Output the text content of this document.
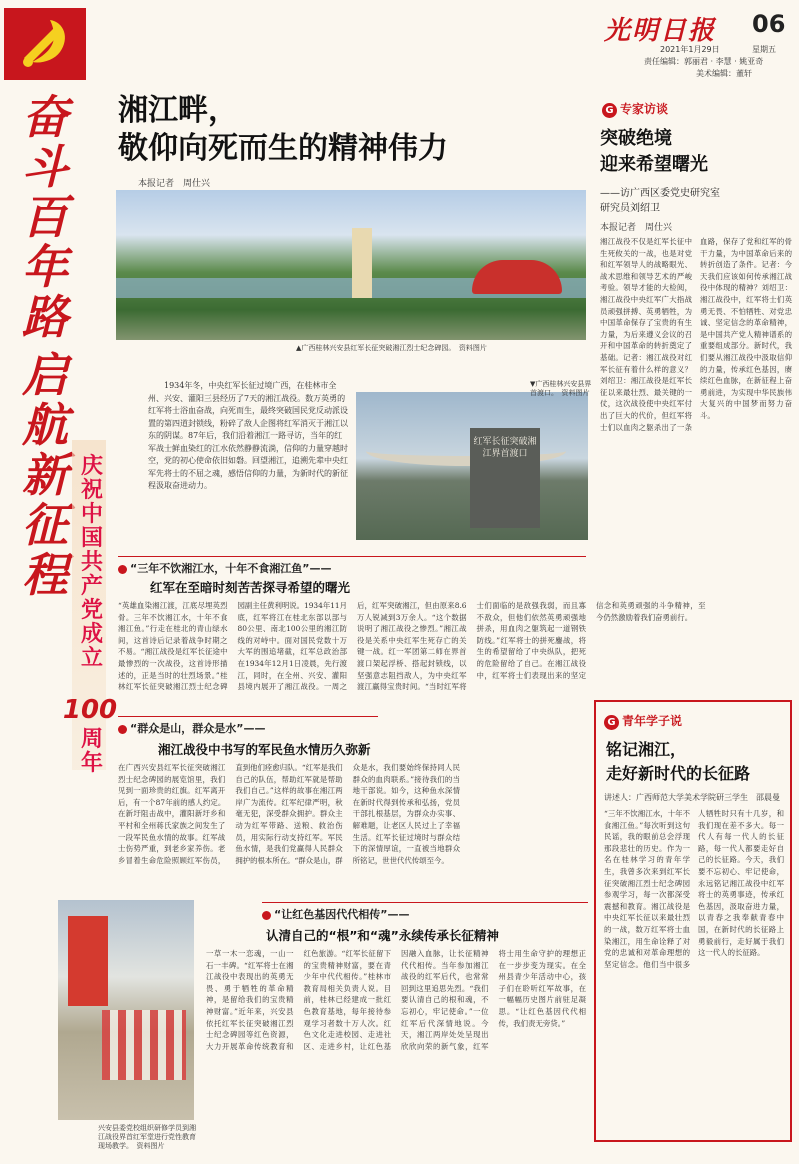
奋斗百年路
启航新征程
庆祝中国共产党成立
100
周年
光明日报 06
2021年1月29日	星期五
责任编辑：郭丽君 · 李慧 · 姚亚奇
美术编辑：董轩
湘江畔，
敬仰向死而生的精神伟力
本报记者　周仕兴
▲广西桂林兴安县红军长征突破湘江烈士纪念碑园。　资料图片
1934年冬，中央红军长征过境广西，在桂林市全州、兴安、灌阳三县经历了7天的湘江战役。数万英勇的红军将士浴血奋战，向死而生，最终突破国民党反动派设置的第四道封锁线，粉碎了敌人企图将红军消灭于湘江以东的阴谋。87年后，我们沿着湘江一路寻访，当年的红军战士鲜血染红的江水依然静静流淌，信仰的力量穿越时空，党的初心使命依旧如磐。回望湘江，追溯先辈中央红军先将士的不屈之魂，感悟信仰的力量，为新时代的新征程汲取奋进动力。
红军长征突破湘江界首渡口
▼广西桂林兴安县界首渡口。　资料图片
“三年不饮湘江水，十年不食湘江鱼”——
红军在至暗时刻苦苦探寻希望的曙光
“英雄血染湘江渡，江底尽埋英烈骨。三年不饮湘江水，十年不食湘江鱼。”行走在桂北的青山绿水间，这首诗后记录着战争时期之不易。“湘江战役是红军长征途中最惨烈的一次战役，这首诗形描述的，正是当时的壮烈场景。”桂林红军长征突破湘江烈士纪念碑园副主任黄利明说。1934年11月底，红军将江在桂北东部以部与80公里、南北100公里的湘江防线的对峙中。面对国民党数十万大军的围追堵截，红军总政治部在1934年12月1日凌晨，先行渡江，同时，在全州、兴安、灌阳县境内展开了湘江战役。一周之后，红军突破湘江，但由原来8.6万人锐减到3万余人。“这个数据说明了湘江战役之惨烈。”湘江战役是关系中央红军生死存亡的关键一战。红一军团第二师在界首渡口架起浮桥、搭起封锁线，以坚强意志阻挡敌人，为中央红军渡江赢得宝贵时间。“当时红军将士们面临的是敌强我弱，而且寡不敌众，但他们依然英勇顽强地拼杀，用血肉之躯筑起一道钢铁防线。”红军将士的拼死鏖战，将生的希望留给了中央纵队，把死的危险留给了自己。在湘江战役中，红军将士们表现出来的坚定信念和英勇顽强的斗争精神，至今仍然激励着我们奋勇前行。
“群众是山，群众是水”——
湘江战役中书写的军民鱼水情历久弥新
在广西兴安县红军长征突破湘江烈士纪念碑园的展览馆里，我们见到一面珍贵的红旗。红军离开后，有一个87年前的感人约定。在新圩阻击战中，灌阳新圩乡和平村和全州蒋氏家族之间发生了一段军民鱼水情的故事。红军战士伤势严重，到老乡家养伤。老乡冒着生命危险照顾红军伤员，直到他们痊愈归队。“红军是我们自己的队伍，帮助红军就是帮助我们自己。”这样的故事在湘江两岸广为流传。红军纪律严明，秋毫无犯，深受群众拥护。群众主动为红军带路、送粮、救治伤员，用实际行动支持红军。军民鱼水情，是我们党赢得人民群众拥护的根本所在。“群众是山，群众是水，我们要始终保持同人民群众的血肉联系。”接待我们的当地干部说。如今，这种鱼水深情在新时代得到传承和弘扬，党员干部扎根基层，为群众办实事、解难题，让老区人民过上了幸福生活。红军长征过境时与群众结下的深情厚谊，一直被当地群众所铭记，世世代代传颂至今。
“让红色基因代代相传”——
认清自己的“根”和“魂”永续传承长征精神
一草一木一恋魂，一山一石一丰碑。“红军将士在湘江战役中表现出的英勇无畏、勇于牺牲的革命精神，是留给我们的宝贵精神财富。”近年来，兴安县依托红军长征突破湘江烈士纪念碑园等红色资源，大力开展革命传统教育和红色旅游。“红军长征留下的宝贵精神财富，要在青少年中代代相传。”桂林市教育局相关负责人说。目前，桂林已经建成一批红色教育基地，每年接待参观学习者数十万人次。红色文化走进校园、走进社区、走进乡村，让红色基因融入血脉，让长征精神代代相传。当年参加湘江战役的红军后代，也常常回到这里追思先烈。“我们要认清自己的根和魂，不忘初心，牢记使命。”一位红军后代深情地说。今天，湘江两岸处处呈现出欣欣向荣的新气象，红军将士用生命守护的理想正在一步步变为现实。在全州县青少年活动中心，孩子们在聆听红军故事，在一幅幅历史图片前驻足凝思。“让红色基因代代相传，我们责无旁贷。”
兴安县委党校组织研修学员到湘江战役界首红军堂进行党性教育现场教学。　资料图片
G 专家访谈
突破绝境
迎来希望曙光
——访广西区委党史研究室
研究员刘绍卫
本报记者　周仕兴
湘江战役不仅是红军长征中生死攸关的一战，也是对党和红军领导人的战略眼光、战术思维和领导艺术的严峻考验。领导才能的大检阅，湘江战役中央红军广大指战员顽强拼搏、英勇牺牲，为中国革命保存了宝贵的有生力量，为后来遵义会议的召开和中国革命的转折奠定了基础。记者：湘江战役对红军长征有着什么样的意义？刘绍卫：湘江战役是红军长征以来最壮烈、最关键的一仗，这次战役使中央红军付出了巨大的代价，但红军将士们以血肉之躯杀出了一条血路，保存了党和红军的骨干力量，为中国革命后来的转折创造了条件。记者：今天我们应该如何传承湘江战役中体现的精神？刘绍卫：湘江战役中，红军将士们英勇无畏、不怕牺牲、对党忠诚、坚定信念的革命精神，是中国共产党人精神谱系的重要组成部分。新时代，我们要从湘江战役中汲取信仰的力量，传承红色基因，赓续红色血脉，在新征程上奋勇前进，为实现中华民族伟大复兴的中国梦而努力奋斗。
G 青年学子说
铭记湘江，
走好新时代的长征路
讲述人：广西师范大学美术学院研三学生　邵晨曼
“三年不饮湘江水，十年不食湘江鱼。”每次听到这句民谣，我的眼前总会浮现那段悲壮的历史。作为一名在桂林学习的青年学生，我曾多次来到红军长征突破湘江烈士纪念碑园参观学习，每一次都深受震撼和教育。湘江战役是中央红军长征以来最壮烈的一战，数万红军将士血染湘江，用生命诠释了对党的忠诚和对革命理想的坚定信念。他们当中很多人牺牲时只有十几岁，和我们现在差不多大。每一代人有每一代人的长征路，每一代人都要走好自己的长征路。今天，我们要不忘初心、牢记使命，永远铭记湘江战役中红军将士的英勇事迹，传承红色基因，汲取奋进力量，以青春之我奉献青春中国，在新时代的长征路上勇毅前行，走好属于我们这一代人的长征路。
